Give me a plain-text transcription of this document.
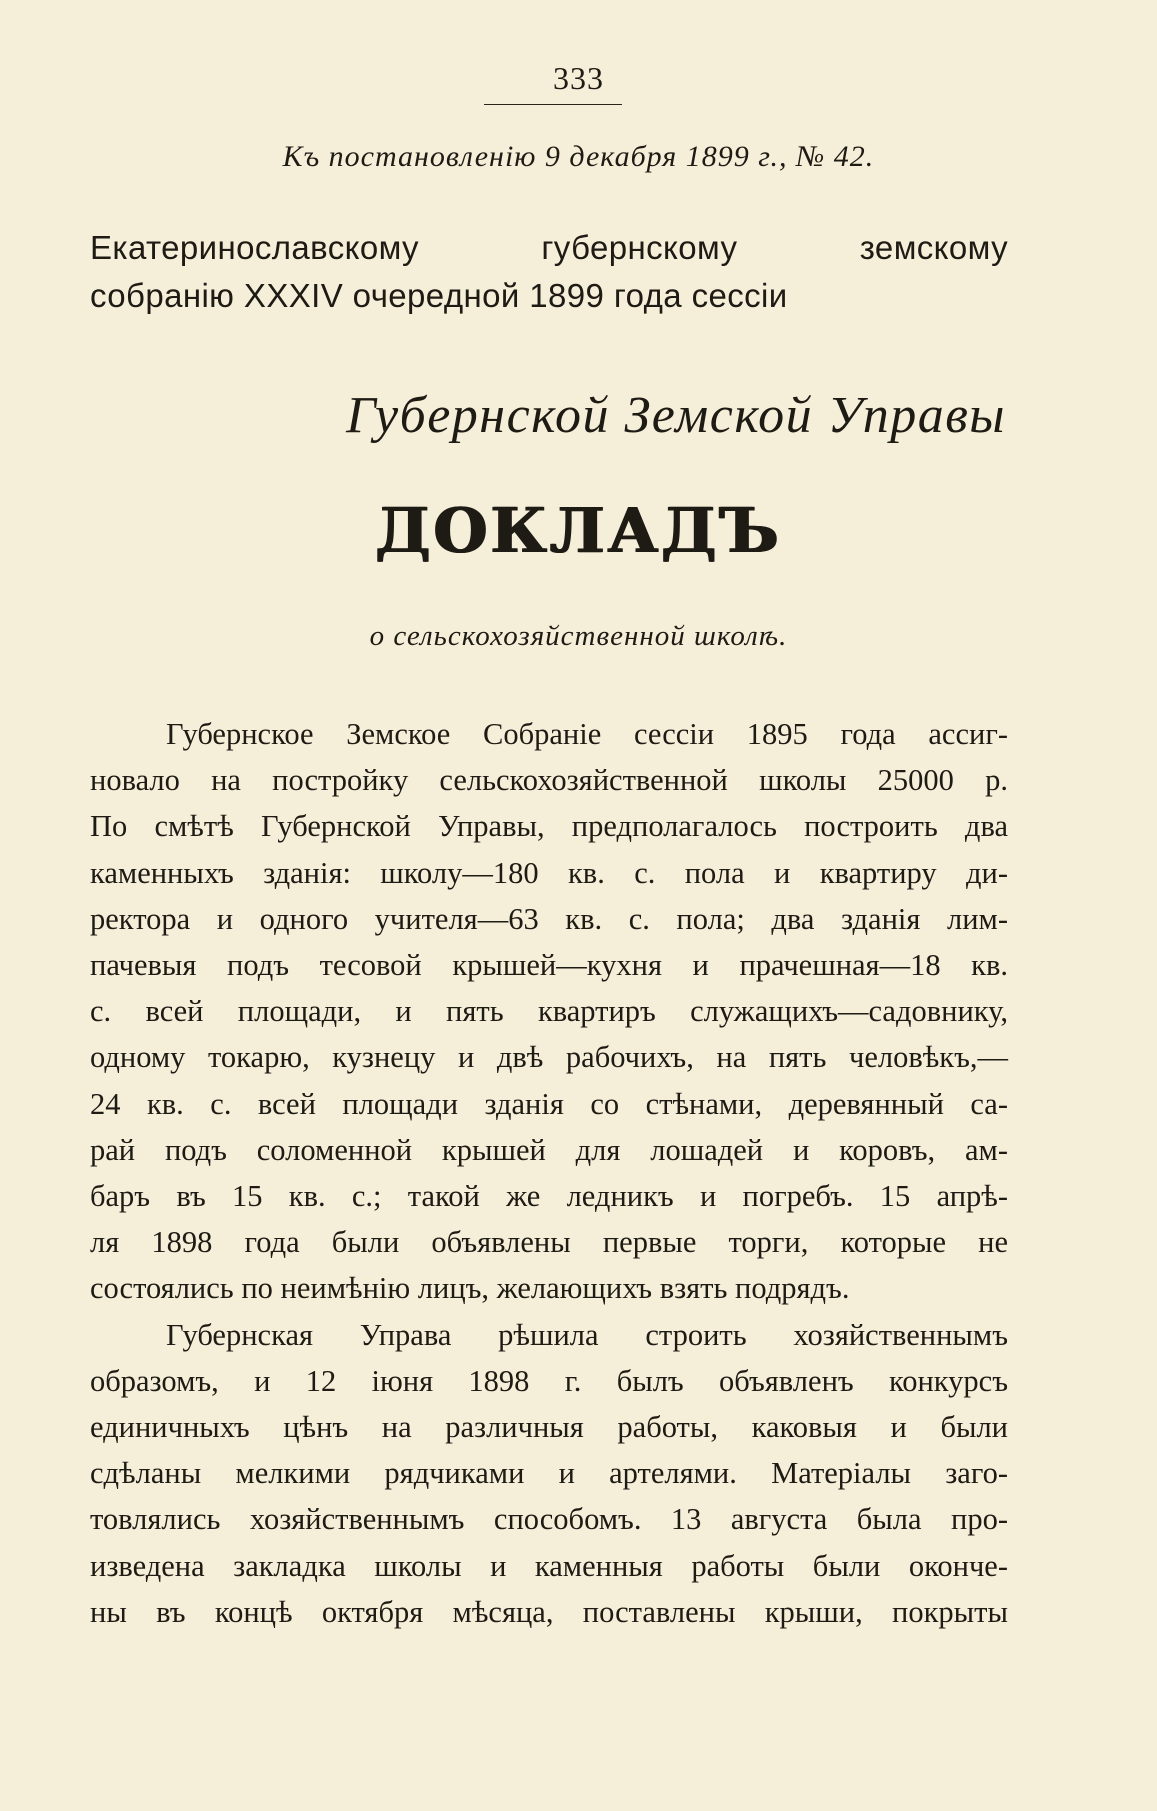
333
Къ постановленію 9 декабря 1899 г., № 42.
Екатеринославскому губернскому земскому
собранію XXXIV очередной 1899 года сессіи
Губернской Земской Управы
ДОКЛАДЪ
о сельскохозяйственной школѣ.
Губернское Земское Собраніе сессіи 1895 года ассиг-
новало на постройку сельскохозяйственной школы 25000 р.
По смѣтѣ Губернской Управы, предполагалось построить два
каменныхъ зданія: школу—180 кв. с. пола и квартиру ди-
ректора и одного учителя—63 кв. с. пола; два зданія лим-
пачевыя подъ тесовой крышей—кухня и прачешная—18 кв.
с. всей площади, и пять квартиръ служащихъ—садовнику,
одному токарю, кузнецу и двѣ рабочихъ, на пять человѣкъ,—
24 кв. с. всей площади зданія со стѣнами, деревянный са-
рай подъ соломенной крышей для лошадей и коровъ, ам-
баръ въ 15 кв. с.; такой же ледникъ и погребъ. 15 апрѣ-
ля 1898 года были объявлены первые торги, которые не
состоялись по неимѣнію лицъ, желающихъ взять подрядъ.
Губернская Управа рѣшила строить хозяйственнымъ
образомъ, и 12 іюня 1898 г. былъ объявленъ конкурсъ
единичныхъ цѣнъ на различныя работы, каковыя и были
сдѣланы мелкими рядчиками и артелями. Матеріалы заго-
товлялись хозяйственнымъ способомъ. 13 августа была про-
изведена закладка школы и каменныя работы были оконче-
ны въ концѣ октября мѣсяца, поставлены крыши, покрыты
